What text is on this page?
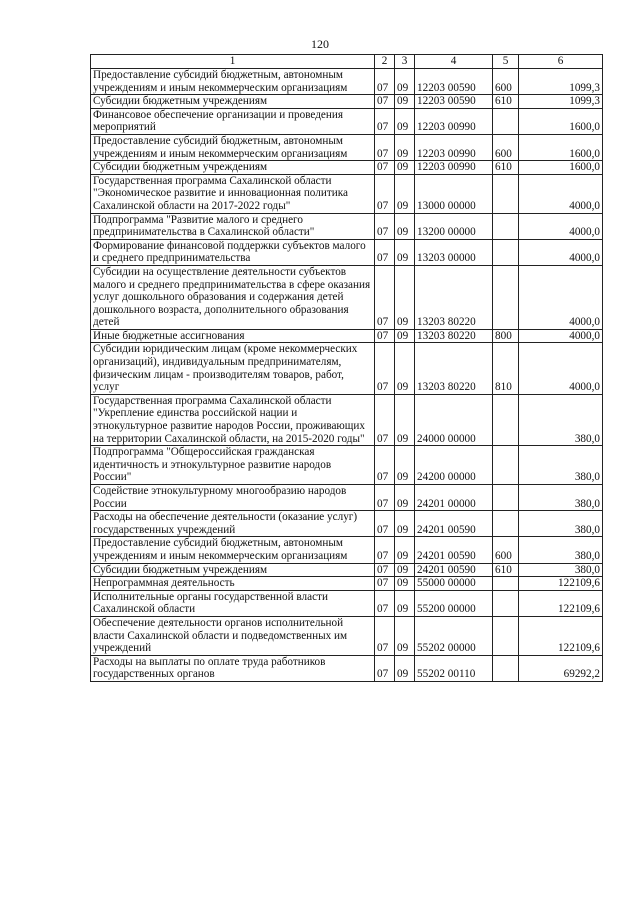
120
1	2	3	4	5	6
Предоставление субсидий бюджетным, автономным учреждениям и иным некоммерческим организациям	07	09	12203 00590	600	1099,3
Субсидии бюджетным учреждениям	07	09	12203 00590	610	1099,3
Финансовое обеспечение организации и проведения мероприятий	07	09	12203 00990		1600,0
Предоставление субсидий бюджетным, автономным учреждениям и иным некоммерческим организациям	07	09	12203 00990	600	1600,0
Субсидии бюджетным учреждениям	07	09	12203 00990	610	1600,0
Государственная программа Сахалинской области "Экономическое развитие и инновационная политика Сахалинской области на 2017-2022 годы"	07	09	13000 00000		4000,0
Подпрограмма "Развитие малого и среднего предпринимательства в Сахалинской области"	07	09	13200 00000		4000,0
Формирование финансовой поддержки субъектов малого и среднего предпринимательства	07	09	13203 00000		4000,0
Субсидии на осуществление деятельности субъектов малого и среднего предпринимательства в сфере оказания услуг дошкольного образования и содержания детей дошкольного возраста, дополнительного образования детей	07	09	13203 80220		4000,0
Иные бюджетные ассигнования	07	09	13203 80220	800	4000,0
Субсидии юридическим лицам (кроме некоммерческих организаций), индивидуальным предпринимателям, физическим лицам - производителям товаров, работ, услуг	07	09	13203 80220	810	4000,0
Государственная программа Сахалинской области "Укрепление единства российской нации и этнокультурное развитие народов России, проживающих на территории Сахалинской области, на 2015-2020 годы"	07	09	24000 00000		380,0
Подпрограмма "Общероссийская гражданская идентичность и этнокультурное развитие народов России"	07	09	24200 00000		380,0
Содействие этнокультурному многообразию народов России	07	09	24201 00000		380,0
Расходы на обеспечение деятельности (оказание услуг) государственных учреждений	07	09	24201 00590		380,0
Предоставление субсидий бюджетным, автономным учреждениям и иным некоммерческим организациям	07	09	24201 00590	600	380,0
Субсидии бюджетным учреждениям	07	09	24201 00590	610	380,0
Непрограммная деятельность	07	09	55000 00000		122109,6
Исполнительные органы государственной власти Сахалинской области	07	09	55200 00000		122109,6
Обеспечение деятельности органов исполнительной власти Сахалинской области и подведомственных им учреждений	07	09	55202 00000		122109,6
Расходы на выплаты по оплате труда работников государственных органов	07	09	55202 00110		69292,2
